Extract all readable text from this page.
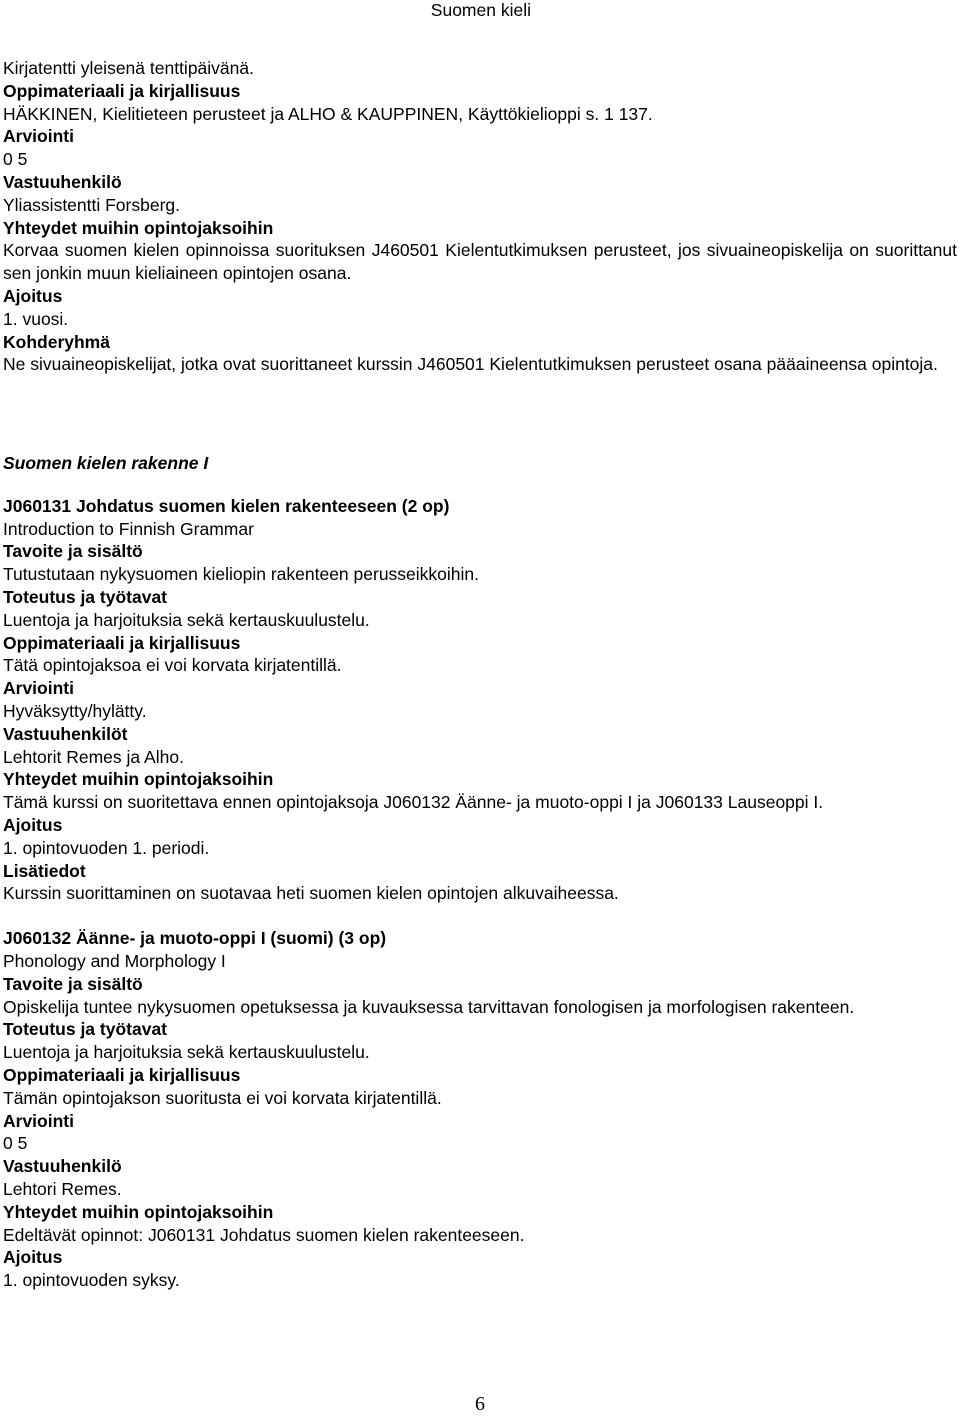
Suomen kieli
Kirjatentti yleisenä tenttipäivänä.
Oppimateriaali ja kirjallisuus
HÄKKINEN, Kielitieteen perusteet ja ALHO & KAUPPINEN, Käyttökielioppi s. 1 137.
Arviointi
0 5
Vastuuhenkilö
Yliassistentti Forsberg.
Yhteydet muihin opintojaksoihin
Korvaa suomen kielen opinnoissa suorituksen J460501 Kielentutkimuksen perusteet, jos sivuaineopiskelija on suorittanut sen jonkin muun kieliaineen opintojen osana.
Ajoitus
1. vuosi.
Kohderyhmä
Ne sivuaineopiskelijat, jotka ovat suorittaneet kurssin J460501 Kielentutkimuksen perusteet osana pääaineensa opintoja.
Suomen kielen rakenne I
J060131 Johdatus suomen kielen rakenteeseen (2 op)
Introduction to Finnish Grammar
Tavoite ja sisältö
Tutustutaan nykysuomen kieliopin rakenteen perusseikkoihin.
Toteutus ja työtavat
Luentoja ja harjoituksia sekä kertauskuulustelu.
Oppimateriaali ja kirjallisuus
Tätä opintojaksoa ei voi korvata kirjatentillä.
Arviointi
Hyväksytty/hylätty.
Vastuuhenkilöt
Lehtorit Remes ja Alho.
Yhteydet muihin opintojaksoihin
Tämä kurssi on suoritettava ennen opintojaksoja J060132 Äänne- ja muoto-oppi I ja J060133 Lauseoppi I.
Ajoitus
1. opintovuoden 1. periodi.
Lisätiedot
Kurssin suorittaminen on suotavaa heti suomen kielen opintojen alkuvaiheessa.
J060132 Äänne- ja muoto-oppi I (suomi) (3 op)
Phonology and Morphology I
Tavoite ja sisältö
Opiskelija tuntee nykysuomen opetuksessa ja kuvauksessa tarvittavan fonologisen ja morfologisen rakenteen.
Toteutus ja työtavat
Luentoja ja harjoituksia sekä kertauskuulustelu.
Oppimateriaali ja kirjallisuus
Tämän opintojakson suoritusta ei voi korvata kirjatentillä.
Arviointi
0 5
Vastuuhenkilö
Lehtori Remes.
Yhteydet muihin opintojaksoihin
Edeltävät opinnot: J060131 Johdatus suomen kielen rakenteeseen.
Ajoitus
1. opintovuoden syksy.
6
